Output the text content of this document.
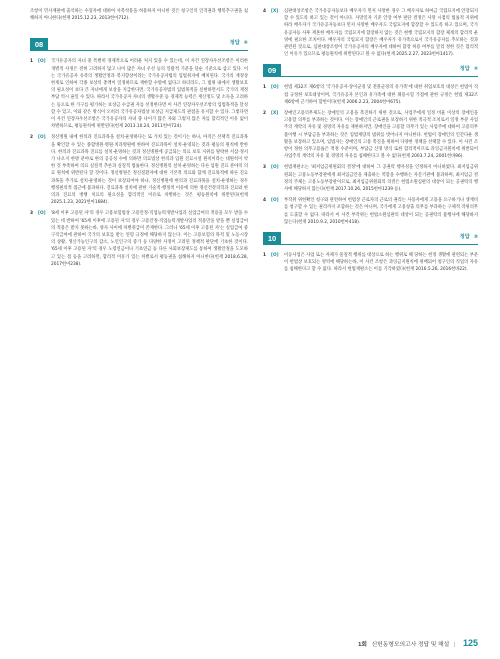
조항이 민사재판에 출석하는 수형자에 대하여 사복착용을 허용하지 아니한 것은 청구인의 인격권과 행복추구권을 침해하지 아니한다(헌재 2015.12.23, 2013헌마712).

08	정답 ④
1 [O] 국가유공자의 자녀 중 특별히 경제적으로 어려운 처지 있을 수 있는데, 이 사건 연장자우선조항은 이러한 개별적 사정은 전혀 고려하지 않고 나이 많은 자녀 우선 등의 일괄적 기준을 단순 기준으로 삼고 있다. 이는 국가유공자 유족의 생활안정과 복지향상이라는 국가유공자법의 입법취지에 배치된다. 국가의 재정상 한계로 인하여 각종 보상의 총액이 일정하므로 재한할 수밖에 없다고 하더라도, 그 범위 내에서 생활보호의 필요성이 보다 큰 자녀에게 보상을 지급한다면, 국가유공자법의 입법목적을 실현하면서도 국가의 재정부담 역시 줄일 수 있다. 따라서 국가유공자 자녀의 생활수준 등 경제적 능력은 재산정도 및 소득을 고려하는 등으로 한 가구를 평가하는 보상금 수급권 자를 선정한다면 이 사건 연장자우선조항의 입법목적을 달성할 수 있고, 이와 같은 방식이 오히려 국가유공자법상 보상금 지급제도의 관점을 유지할 수 있다. 그렇다면 이 사건 연장자우선조항은 국가유공자의 자녀 중 나이가 많은 자와 그렇지 않은 자를 합리적인 이유 없이 차별하므로, 평등원칙에 위반된다(헌재 2013.10.24, 2011헌마724).
2 [O] 정신병원 내에 한의과 진료과목을 설치·운영하다는 또 가치 있는 것이기는 하나, 아직은 선택적 진료과목을 확인할 수 있는 종합병원·병원·치과병원에 한하여 진료과목이 설치·운영되는 것과 평등의 원칙에 반한다. 한의과 진료과목 진료를 설치·운영하는 것과 정신병원에 공급되는 의료 보호 지위를 탈락한 서삼·정서가 나오지 한방 분야로 한의 공공성 수에 의하면 의료법상 한의과 입원 진료시설 원칙이라는 대원칙이 약한 것 부족하여 의료 실질적 추론과 실질적 법률한다. 정신병원의 설치·운영하는 다른 입원 진료 분야의 의료 원칙에 위반된다 할 것이다. 정신병원은 정신질환자에 대한 기본적 의료와 함께 진료목적에 따른 진료과목을 추가로 설치·운영하는 것이 보장되어야 하나, 정신병원에 한의과 진료과목을 설치·운영하는 경우 행정편의적 접근에 불과하다. 진료과목 설치에 관한 기술적·행정적 이유에 의한 정신건강의학과 진료와 한의과 진료의 병행 치료의 필요성을 합리적인 이유로 차별하는 것은 평등원칙에 위반된다(헌재 2025.1.23, 2021헌마1684).
3 [O] '8세 이후 고용된 자'의 경우 고용보험법상 고용안정·직업능력개발사업과 실업급여의 적용을 모두 받을 수 있는 데 반하여 '65세 이후에 고용된 자'의 경우 고용안정·직업능력개발사업의 적용만을 받을 뿐 실업급여의 적용은 받지 못하는바, 양자 사이에 차별취급이 존재한다. 그러나 '65세 이후 고용된 자'는 실업급여 중 구직급여에 관하여 국가의 보호를 받는 연령 규정에 해당하지 않는다. 이는 고용보험의 목적 및 노동시장의 상황, 생산가능인구의 감소, 노인인구의 증가 등 다양한 사정이 고려된 정책적 판단에 기초한 것이다. '65세 이후 고용된 자'의 경우 노령연금이나 기초연금 등 다른 사회보장제도를 통하여 생활안정을 도모하고 있는 점 등을 고려하면, 합리적 이유가 있는 차별로서 평등권을 침해하지 아니한다(헌재 2018.6.28, 2017헌마238).
4 [X] 심판대상조항은 국가유공자등보다 배우자가 먼저 사망한 경우 그 배우자로 하여금 국립묘지에 안장되지 할 수 있도록 하고 있는 것이 아니다. 사망일자 기준 안장 여부 판단 결정은 사망 시점의 법률적 지위에 따라 배우자가 국가유공자등보다 먼저 사망한 배우자도 국립묘지에 합장할 수 있도록 하고 있으며, 국가유공자등 사후 재혼한 배우자를 국립묘지에 합장하지 않는 것은 현행 국립묘지의 합장 체계의 합리적 운영에 필요한 조치이다. 배우자의 국립묘지 합장은 배우자가 유가족으로서 국가유공자를 추모하는 것과 관련된 것으로, 심판대상조항이 국가유공자의 배우자에 대하여 합장 허용 여부를 달리 정한 것은 합리적인 이유가 있으므로 평등원칙에 위반된다고 볼 수 없다(헌재 2025.2.27, 2023헌마1417).
09	정답 ②
1 [O] 헌법 제32조 제6항의 '국가유공자·상이군경 및 전몰군경의 유가족'에 대한 취업보호의 대상은 헌법이 직접 규정한 보호대상이며, 국가유공자 본인과 유가족에 대한 채용시험 가점에 관한 규정은 헌법 제32조 제6항에 근거하여 합헌이다(헌재 2006.2.23, 2004헌마675).
2 [X] 장애인고용의무제도는 장애인의 고용을 촉진하기 위한 것으로, 사업주에게 일정 비율 이상의 장애인을 고용할 의무를 부과하는 것이다. 이는 장애인의 근로권을 보장하기 위한 적극적 조치로서 일정 부분 사업주의 계약의 자유 및 경영의 자유를 제한하지만, 장애인을 고용할 의무가 있는 사업주에 대하여 고용의무 불이행 시 부담금을 부과하는 것은 입법재량의 범위를 벗어나지 아니한다. 헌법이 장애인의 인간다운 생활을 보장하고 있으며, 입법자는 장애인의 고용 촉진을 위하여 다양한 정책을 선택할 수 있다. 이 사건 조항이 정한 의무고용률은 적정 수준이며, 부담금 산정 방식 또한 합리적이므로 과잉금지원칙에 위반되어 사업주의 계약의 자유 및 경영의 자유를 침해한다고 볼 수 없다(헌재 2003.7.24, 2001헌바96).
3 [O] 헌법재판소는 '최저임금위원회의 결정'에 대하여 그 공권력 행사성을 인정하지 아니하였다. 최저임금위원회는 고용노동부장관에게 최저임금안을 제출하는 역할을 수행하는 자문기관에 불과하며, 최저임금 결정의 주체는 고용노동부장관이므로, 최저임금위원회의 의결은 헌법소원심판의 대상이 되는 공권력의 행사에 해당하지 않는다(헌재 2017.10.26, 2015헌마1239 등).
4 [O] 부작위 위헌확인 청구와 관련하여 헌법상 근로자의 근로의 권리는 사용자에게 고용을 요구하거나 생계비를 청구할 수 있는 권리까지 포함하는 것은 아니며, 국가에게 고용창출 의무를 부과하는 구체적 작위의무를 도출할 수 없다. 따라서 이 사건 부작위는 헌법소원심판의 대상이 되는 공권력의 불행사에 해당하지 않는다(헌재 2010.9.2, 2010헌마418).
10	정답 ③
1 [O] 이동사업은 사업 또는 자체가 물질적 행위를 대상으로 하는 행위로 해 당하는 헌정 생활에 관련되는 부분이 헌법상 보호되는 영역에 해당하는바, 이 사건 조항은 과잉금지원칙에 위배되어 청구인의 직업의 자유를 침해한다고 할 수 없다. 따라서 헌법재판소는 이를 기각하였다(헌재 2016.5.26, 2016헌바22).
1회 신헌동형모의고사 정답 및 해설 | 125
